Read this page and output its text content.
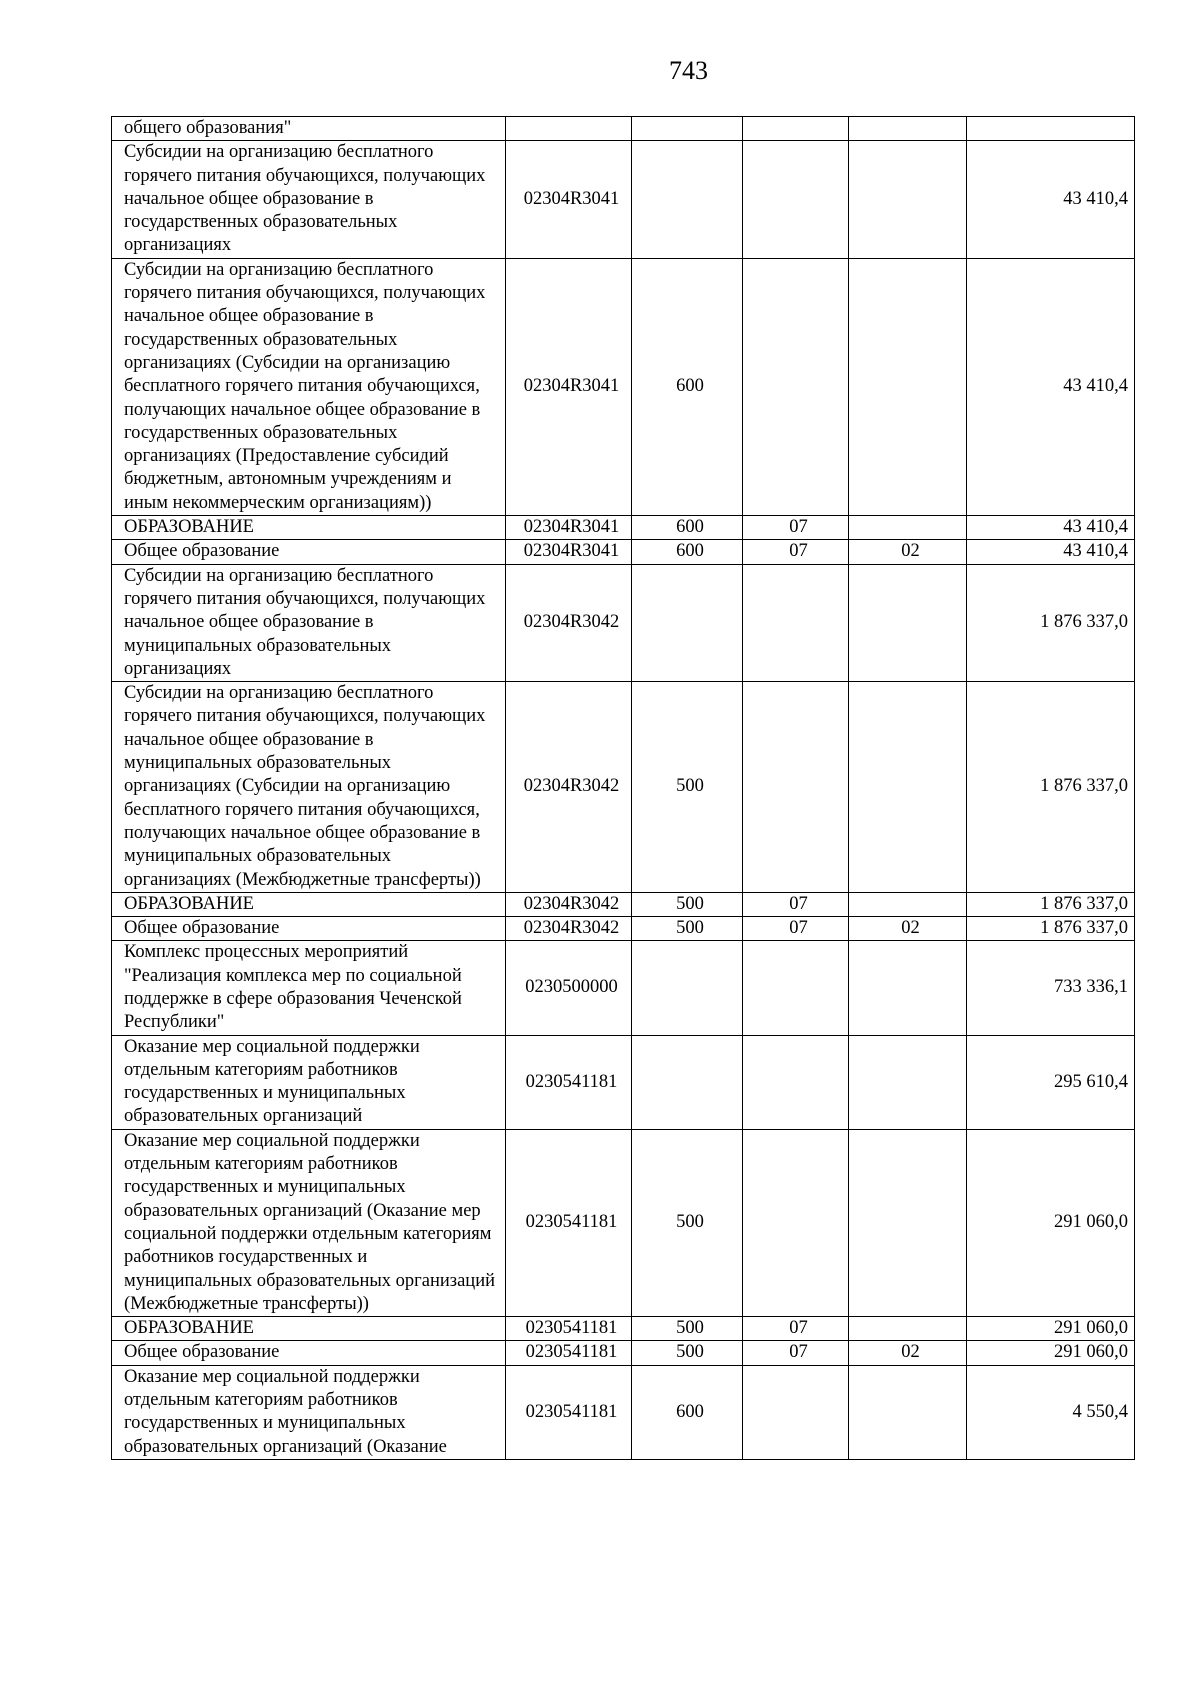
743
общего образования"					
Субсидии на организацию бесплатного горячего питания обучающихся, получающих начальное общее образование в государственных образовательных организациях	02304R3041				43 410,4
Субсидии на организацию бесплатного горячего питания обучающихся, получающих начальное общее образование в государственных образовательных организациях (Субсидии на организацию бесплатного горячего питания обучающихся, получающих начальное общее образование в государственных образовательных организациях (Предоставление субсидий бюджетным, автономным учреждениям и иным некоммерческим организациям))	02304R3041	600			43 410,4
ОБРАЗОВАНИЕ	02304R3041	600	07		43 410,4
Общее образование	02304R3041	600	07	02	43 410,4
Субсидии на организацию бесплатного горячего питания обучающихся, получающих начальное общее образование в муниципальных образовательных организациях	02304R3042				1 876 337,0
Субсидии на организацию бесплатного горячего питания обучающихся, получающих начальное общее образование в муниципальных образовательных организациях (Субсидии на организацию бесплатного горячего питания обучающихся, получающих начальное общее образование в муниципальных образовательных организациях (Межбюджетные трансферты))	02304R3042	500			1 876 337,0
ОБРАЗОВАНИЕ	02304R3042	500	07		1 876 337,0
Общее образование	02304R3042	500	07	02	1 876 337,0
Комплекс процессных мероприятий "Реализация комплекса мер по социальной поддержке в сфере образования Чеченской Республики"	0230500000				733 336,1
Оказание мер социальной поддержки отдельным категориям работников государственных и муниципальных образовательных организаций	0230541181				295 610,4
Оказание мер социальной поддержки отдельным категориям работников государственных и муниципальных образовательных организаций (Оказание мер социальной поддержки отдельным категориям работников государственных и муниципальных образовательных организаций (Межбюджетные трансферты))	0230541181	500			291 060,0
ОБРАЗОВАНИЕ	0230541181	500	07		291 060,0
Общее образование	0230541181	500	07	02	291 060,0
Оказание мер социальной поддержки отдельным категориям работников государственных и муниципальных образовательных организаций (Оказание	0230541181	600			4 550,4
